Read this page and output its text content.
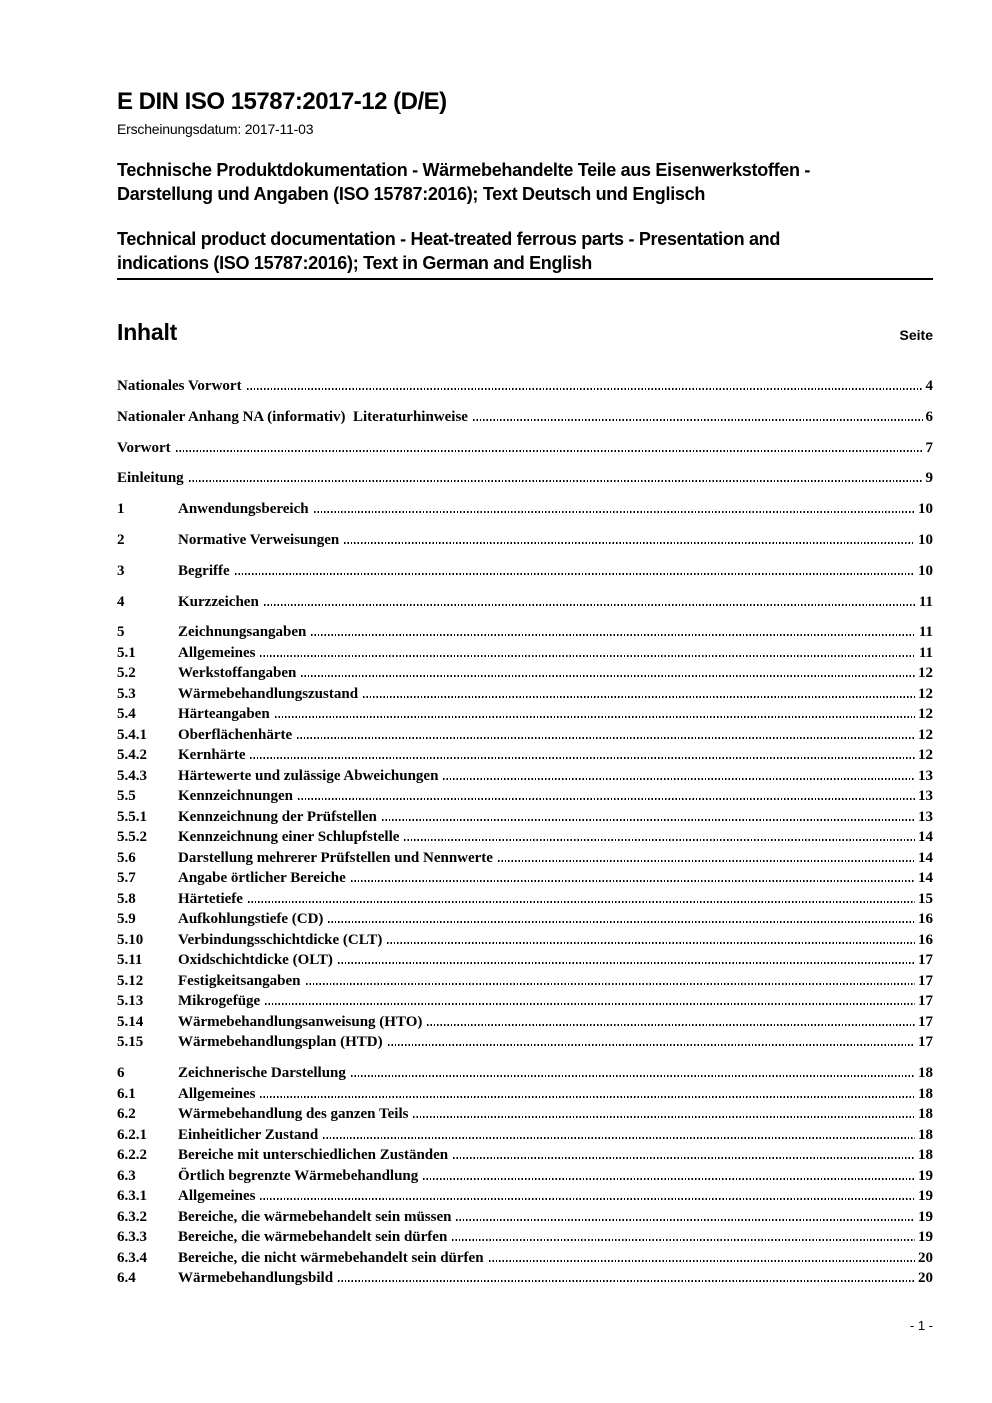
E DIN ISO 15787:2017-12 (D/E)
Erscheinungsdatum: 2017-11-03
Technische Produktdokumentation - Wärmebehandelte Teile aus Eisenwerkstoffen -
Darstellung und Angaben (ISO 15787:2016); Text Deutsch und Englisch
Technical product documentation - Heat-treated ferrous parts - Presentation and
indications (ISO 15787:2016); Text in German and English
Inhalt	Seite
Nationales Vorwort	4
Nationaler Anhang NA (informativ)  Literaturhinweise	6
Vorwort	7
Einleitung	9
1	Anwendungsbereich	10
2	Normative Verweisungen	10
3	Begriffe	10
4	Kurzzeichen	11
5	Zeichnungsangaben	11
5.1	Allgemeines	11
5.2	Werkstoffangaben	12
5.3	Wärmebehandlungszustand	12
5.4	Härteangaben	12
5.4.1	Oberflächenhärte	12
5.4.2	Kernhärte	12
5.4.3	Härtewerte und zulässige Abweichungen	13
5.5	Kennzeichnungen	13
5.5.1	Kennzeichnung der Prüfstellen	13
5.5.2	Kennzeichnung einer Schlupfstelle	14
5.6	Darstellung mehrerer Prüfstellen und Nennwerte	14
5.7	Angabe örtlicher Bereiche	14
5.8	Härtetiefe	15
5.9	Aufkohlungstiefe (CD)	16
5.10	Verbindungsschichtdicke (CLT)	16
5.11	Oxidschichtdicke (OLT)	17
5.12	Festigkeitsangaben	17
5.13	Mikrogefüge	17
5.14	Wärmebehandlungsanweisung (HTO)	17
5.15	Wärmebehandlungsplan (HTD)	17
6	Zeichnerische Darstellung	18
6.1	Allgemeines	18
6.2	Wärmebehandlung des ganzen Teils	18
6.2.1	Einheitlicher Zustand	18
6.2.2	Bereiche mit unterschiedlichen Zuständen	18
6.3	Örtlich begrenzte Wärmebehandlung	19
6.3.1	Allgemeines	19
6.3.2	Bereiche, die wärmebehandelt sein müssen	19
6.3.3	Bereiche, die wärmebehandelt sein dürfen	19
6.3.4	Bereiche, die nicht wärmebehandelt sein dürfen	20
6.4	Wärmebehandlungsbild	20
- 1 -
